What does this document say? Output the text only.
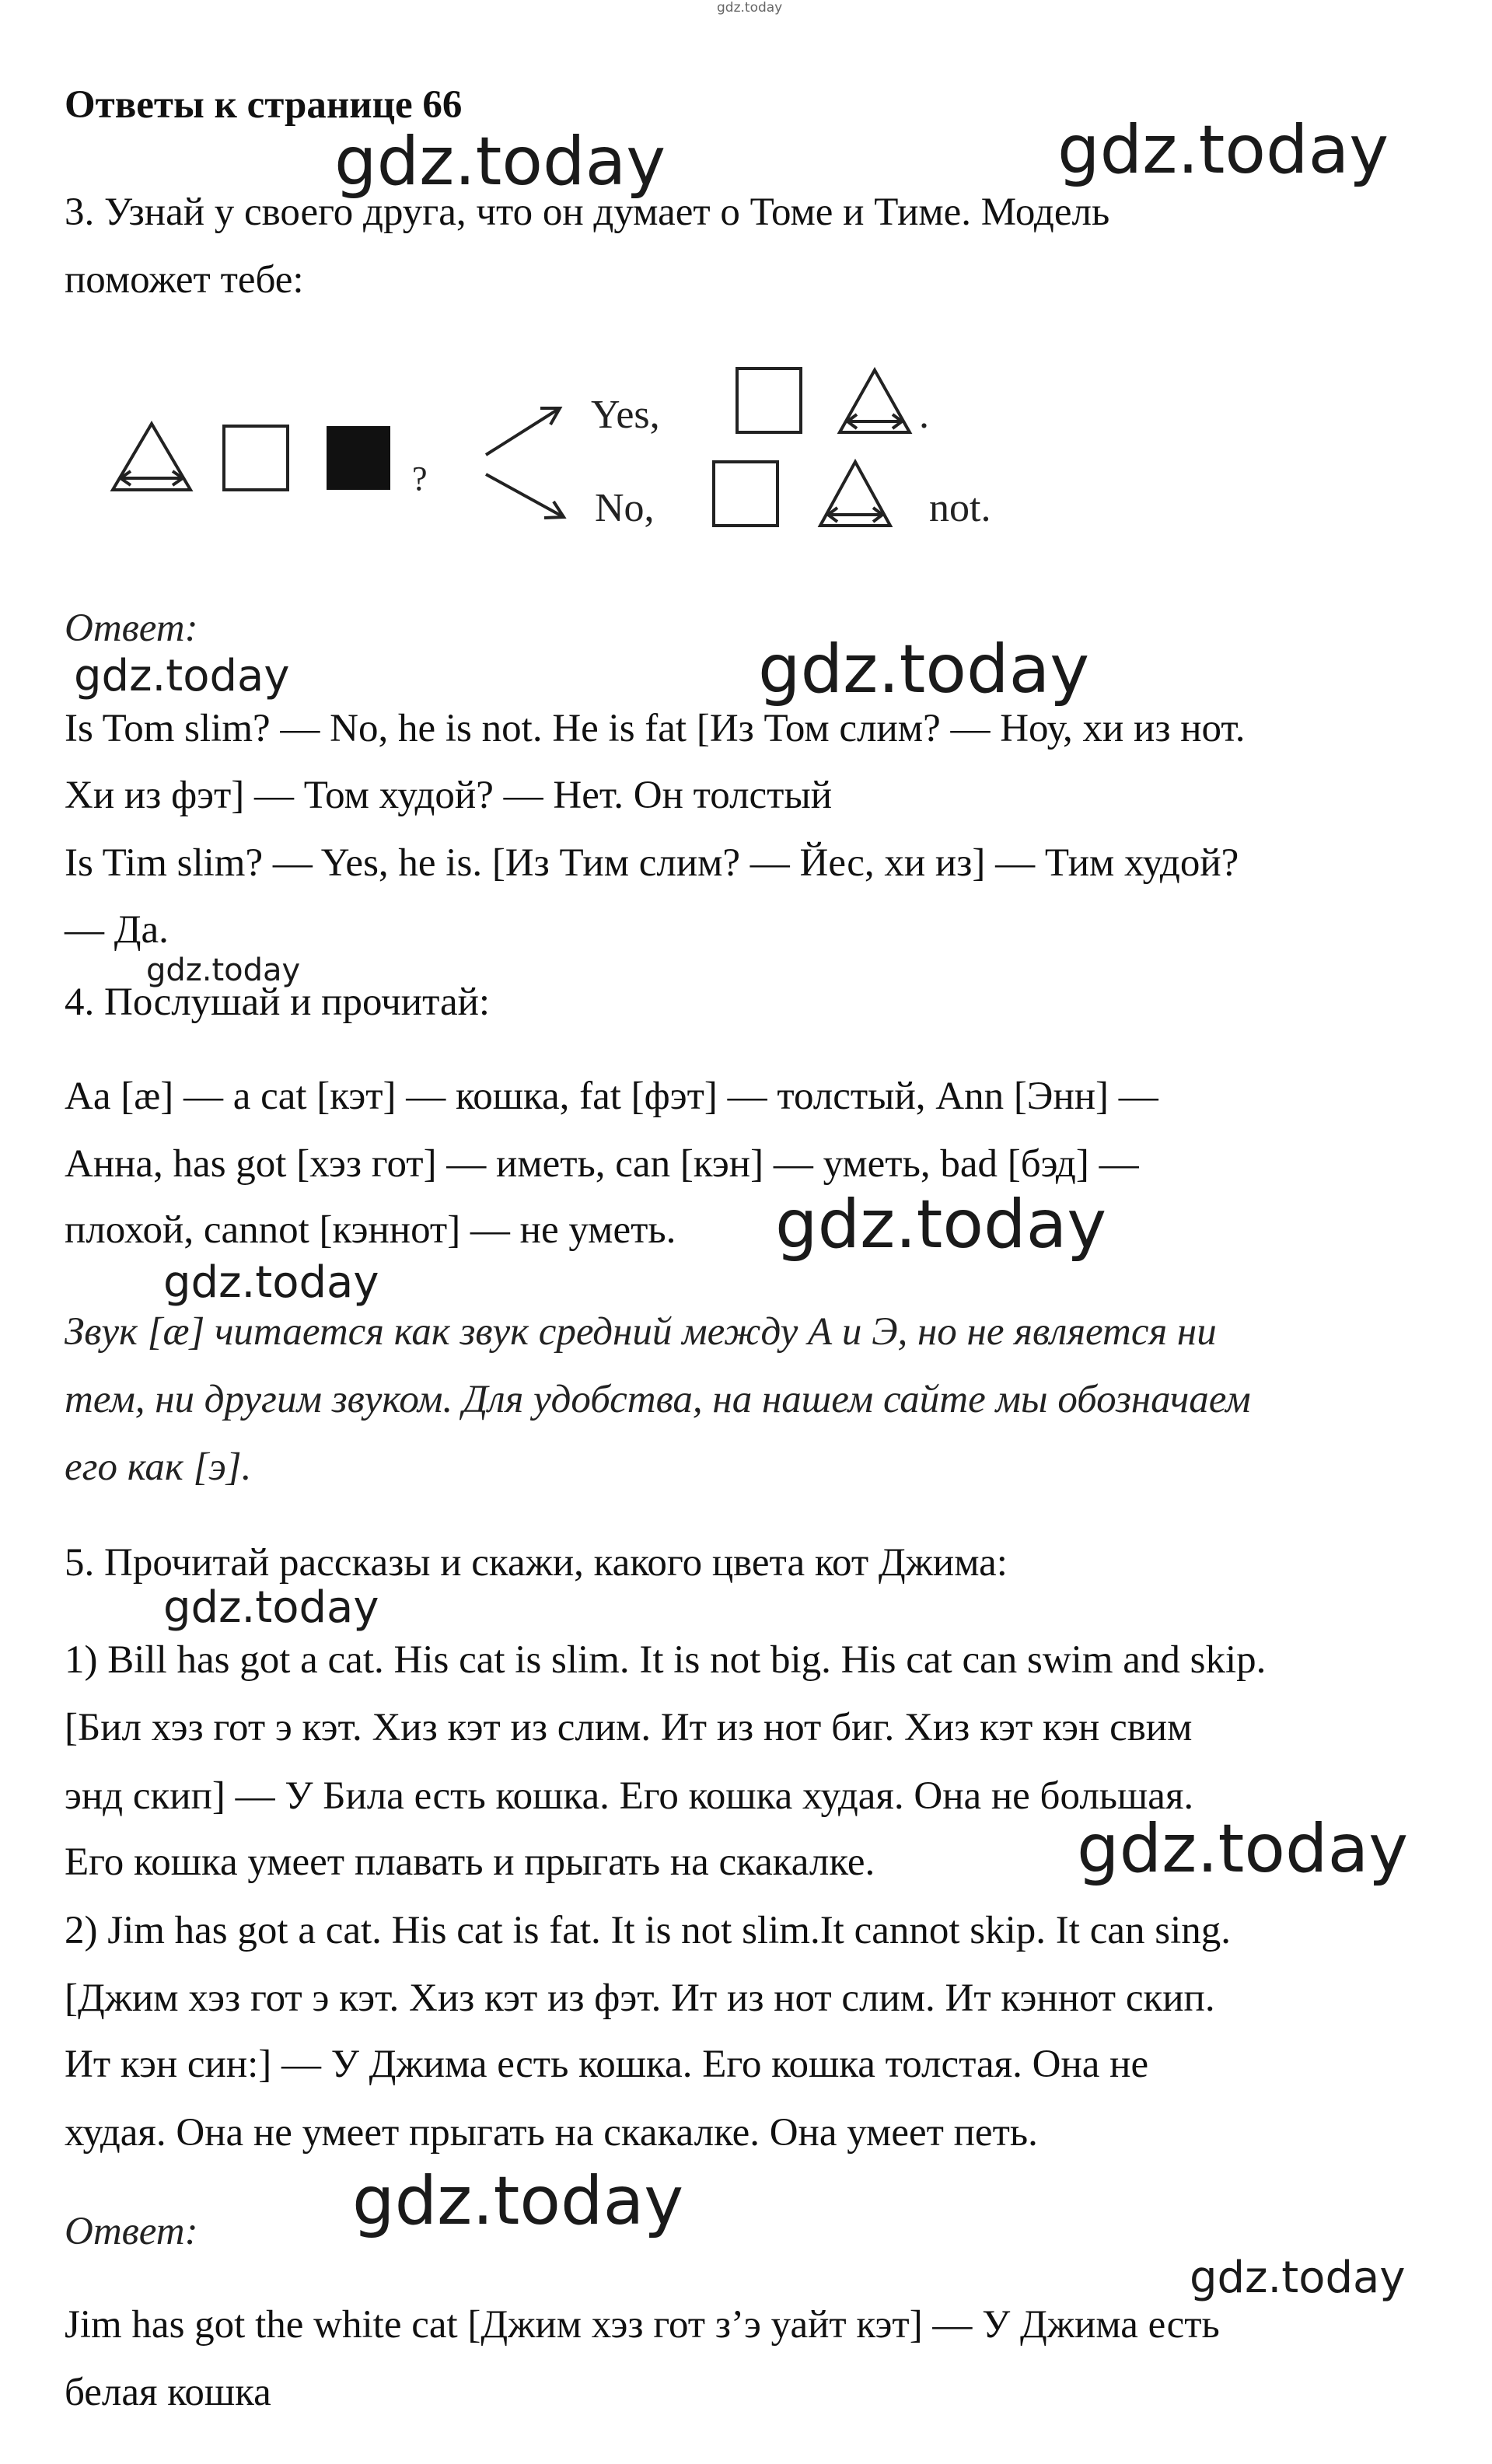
gdz.today
Ответы к странице 66
3. Узнай у своего друга, что он думает о Томе и Тиме. Модель
поможет тебе:
?
Yes,	.
No,	not.
Ответ:
Is Tom slim? — No, he is not. He is fat [Из Том слим? — Ноу, хи из нот.
Хи из фэт] — Том худой? — Нет. Он толстый
Is Tim slim? — Yes, he is. [Из Тим слим? — Йес, хи из] — Тим худой?
— Да.
4. Послушай и прочитай:
Aa [æ] — a cat [кэт] — кошка, fat [фэт] — толстый, Ann [Энн] —
Анна, has got [хэз гот] — иметь, can [кэн] — уметь, bad [бэд] —
плохой, cannot [кэннот] — не уметь.
Звук [æ] читается как звук средний между А и Э, но не является ни
тем, ни другим звуком. Для удобства, на нашем сайте мы обозначаем
его как [э].
5. Прочитай рассказы и скажи, какого цвета кот Джима:
1) Bill has got a cat. His cat is slim. It is not big. His cat can swim and skip.
[Бил хэз гот э кэт. Хиз кэт из слим. Ит из нот биг. Хиз кэт кэн свим
энд скип] — У Била есть кошка. Его кошка худая. Она не большая.
Его кошка умеет плавать и прыгать на скакалке.
2) Jim has got a cat. His cat is fat. It is not slim.It cannot skip. It can sing.
[Джим хэз гот э кэт. Хиз кэт из фэт. Ит из нот слим. Ит кэннот скип.
Ит кэн син:] — У Джима есть кошка. Его кошка толстая. Она не
худая. Она не умеет прыгать на скакалке. Она умеет петь.
Ответ:
Jim has got the white cat [Джим хэз гот з’э уайт кэт] — У Джима есть
белая кошка
gdz.today	gdz.today
gdz.today	gdz.today
gdz.today
gdz.today
gdz.today
gdz.today
gdz.today
gdz.today
gdz.today
